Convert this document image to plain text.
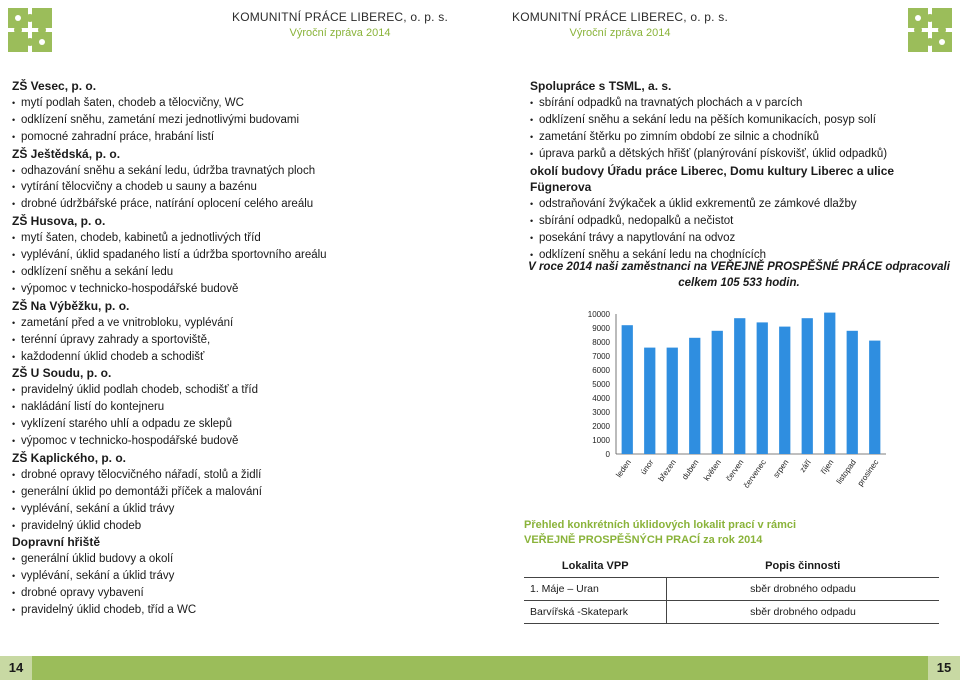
KOMUNITNÍ PRÁCE LIBEREC, o. p. s.
Výroční zpráva 2014
KOMUNITNÍ PRÁCE LIBEREC, o. p. s.
Výroční zpráva 2014
ZŠ Vesec, p. o.
• mytí podlah šaten, chodeb a tělocvičny, WC
• odklízení sněhu, zametání mezi jednotlivými budovami
• pomocné zahradní práce, hrabání listí
ZŠ Ještědská, p. o.
• odhazování sněhu a sekání ledu, údržba travnatých ploch
• vytírání tělocvičny a chodeb u sauny a bazénu
• drobné údržbářské práce, natírání oplocení celého areálu
ZŠ Husova, p. o.
• mytí šaten, chodeb, kabinetů a jednotlivých tříd
• vyplévání, úklid spadaného listí a údržba sportovního areálu
• odklízení sněhu a sekání ledu
• výpomoc v technicko-hospodářské budově
ZŠ Na Výběžku, p. o.
• zametání před a ve vnitrobloku, vyplévání
• terénní úpravy zahrady a sportoviště,
• každodenní úklid chodeb a schodišť
ZŠ U Soudu, p. o.
• pravidelný úklid podlah chodeb, schodišť a tříd
• nakládání listí do kontejneru
• vyklízení starého uhlí a odpadu ze sklepů
• výpomoc v technicko-hospodářské budově
ZŠ Kaplického, p. o.
• drobné opravy tělocvičného nářadí, stolů a židlí
• generální úklid po demontáži příček a malování
• vyplévání, sekání a úklid trávy
• pravidelný úklid chodeb
Dopravní hřiště
• generální úklid budovy a okolí
• vyplévání, sekání a úklid trávy
• drobné opravy vybavení
• pravidelný úklid chodeb, tříd a WC
Spolupráce s TSML, a. s.
• sbírání odpadků na travnatých plochách a v parcích
• odklízení sněhu a sekání ledu na pěších komunikacích, posyp solí
• zametání štěrku po zimním období ze silnic a chodníků
• úprava parků a dětských hřišť (planýrování pískovišť, úklid odpadků)
okolí budovy Úřadu práce Liberec, Domu kultury Liberec a ulice Fügnerova
• odstraňování žvýkaček a úklid exkrementů ze zámkové dlažby
• sbírání odpadků, nedopalků a nečistot
• posekání trávy a napytlování na odvoz
• odklízení sněhu a sekání ledu na chodnících
V roce 2014 naši zaměstnanci na VEŘEJNĚ PROSPĚŠNÉ PRÁCE odpracovali
celkem 105 533 hodin.
0
1000
2000
3000
4000
5000
6000
7000
8000
9000
10000
leden únor březen duben květen červen
červenec srpen září říjen listopad
prosinec
Přehled konkrétních úklidových lokalit prací v rámci
VEŘEJNĚ PROSPĚŠNÝCH PRACÍ za rok 2014
Lokalita VPP	Popis činnosti
1. Máje – Uran	sběr drobného odpadu
Barvířská -Skatepark	sběr drobného odpadu
14	15
